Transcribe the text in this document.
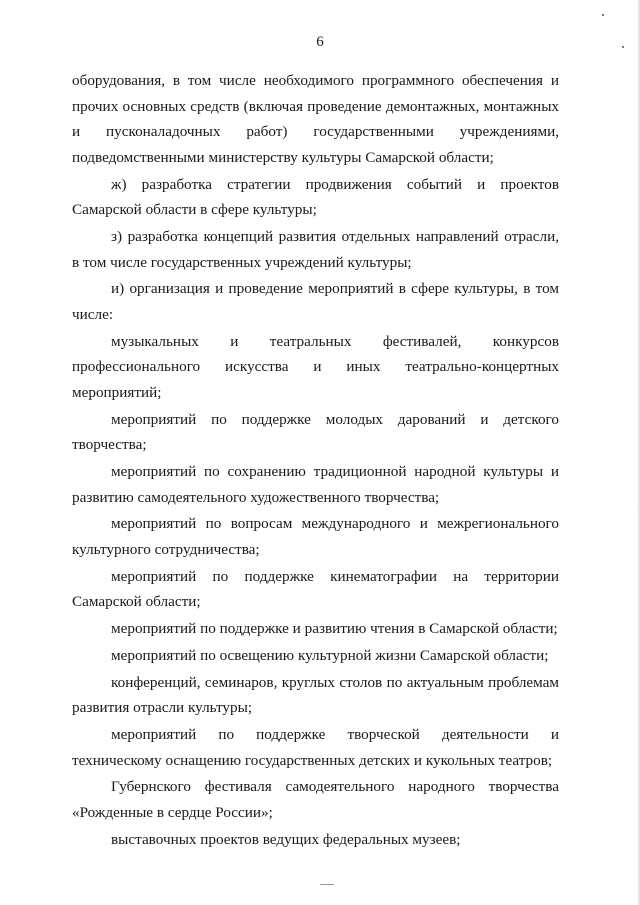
6

оборудования, в том числе необходимого программного обеспечения и прочих основных средств (включая проведение демонтажных, монтажных и пусконаладочных работ) государственными учреждениями, подведомственными министерству культуры Самарской области;

ж) разработка стратегии продвижения событий и проектов Самарской области в сфере культуры;

з) разработка концепций развития отдельных направлений отрасли, в том числе государственных учреждений культуры;

и) организация и проведение мероприятий в сфере культуры, в том числе:

музыкальных и театральных фестивалей, конкурсов профессионального искусства и иных театрально-концертных мероприятий;

мероприятий по поддержке молодых дарований и детского творчества;

мероприятий по сохранению традиционной народной культуры и развитию самодеятельного художественного творчества;

мероприятий по вопросам международного и межрегионального культурного сотрудничества;

мероприятий по поддержке кинематографии на территории Самарской области;

мероприятий по поддержке и развитию чтения в Самарской области;

мероприятий по освещению культурной жизни Самарской области;

конференций, семинаров, круглых столов по актуальным проблемам развития отрасли культуры;

мероприятий по поддержке творческой деятельности и техническому оснащению государственных детских и кукольных театров;

Губернского фестиваля самодеятельного народного творчества «Рожденные в сердце России»;

выставочных проектов ведущих федеральных музеев;
